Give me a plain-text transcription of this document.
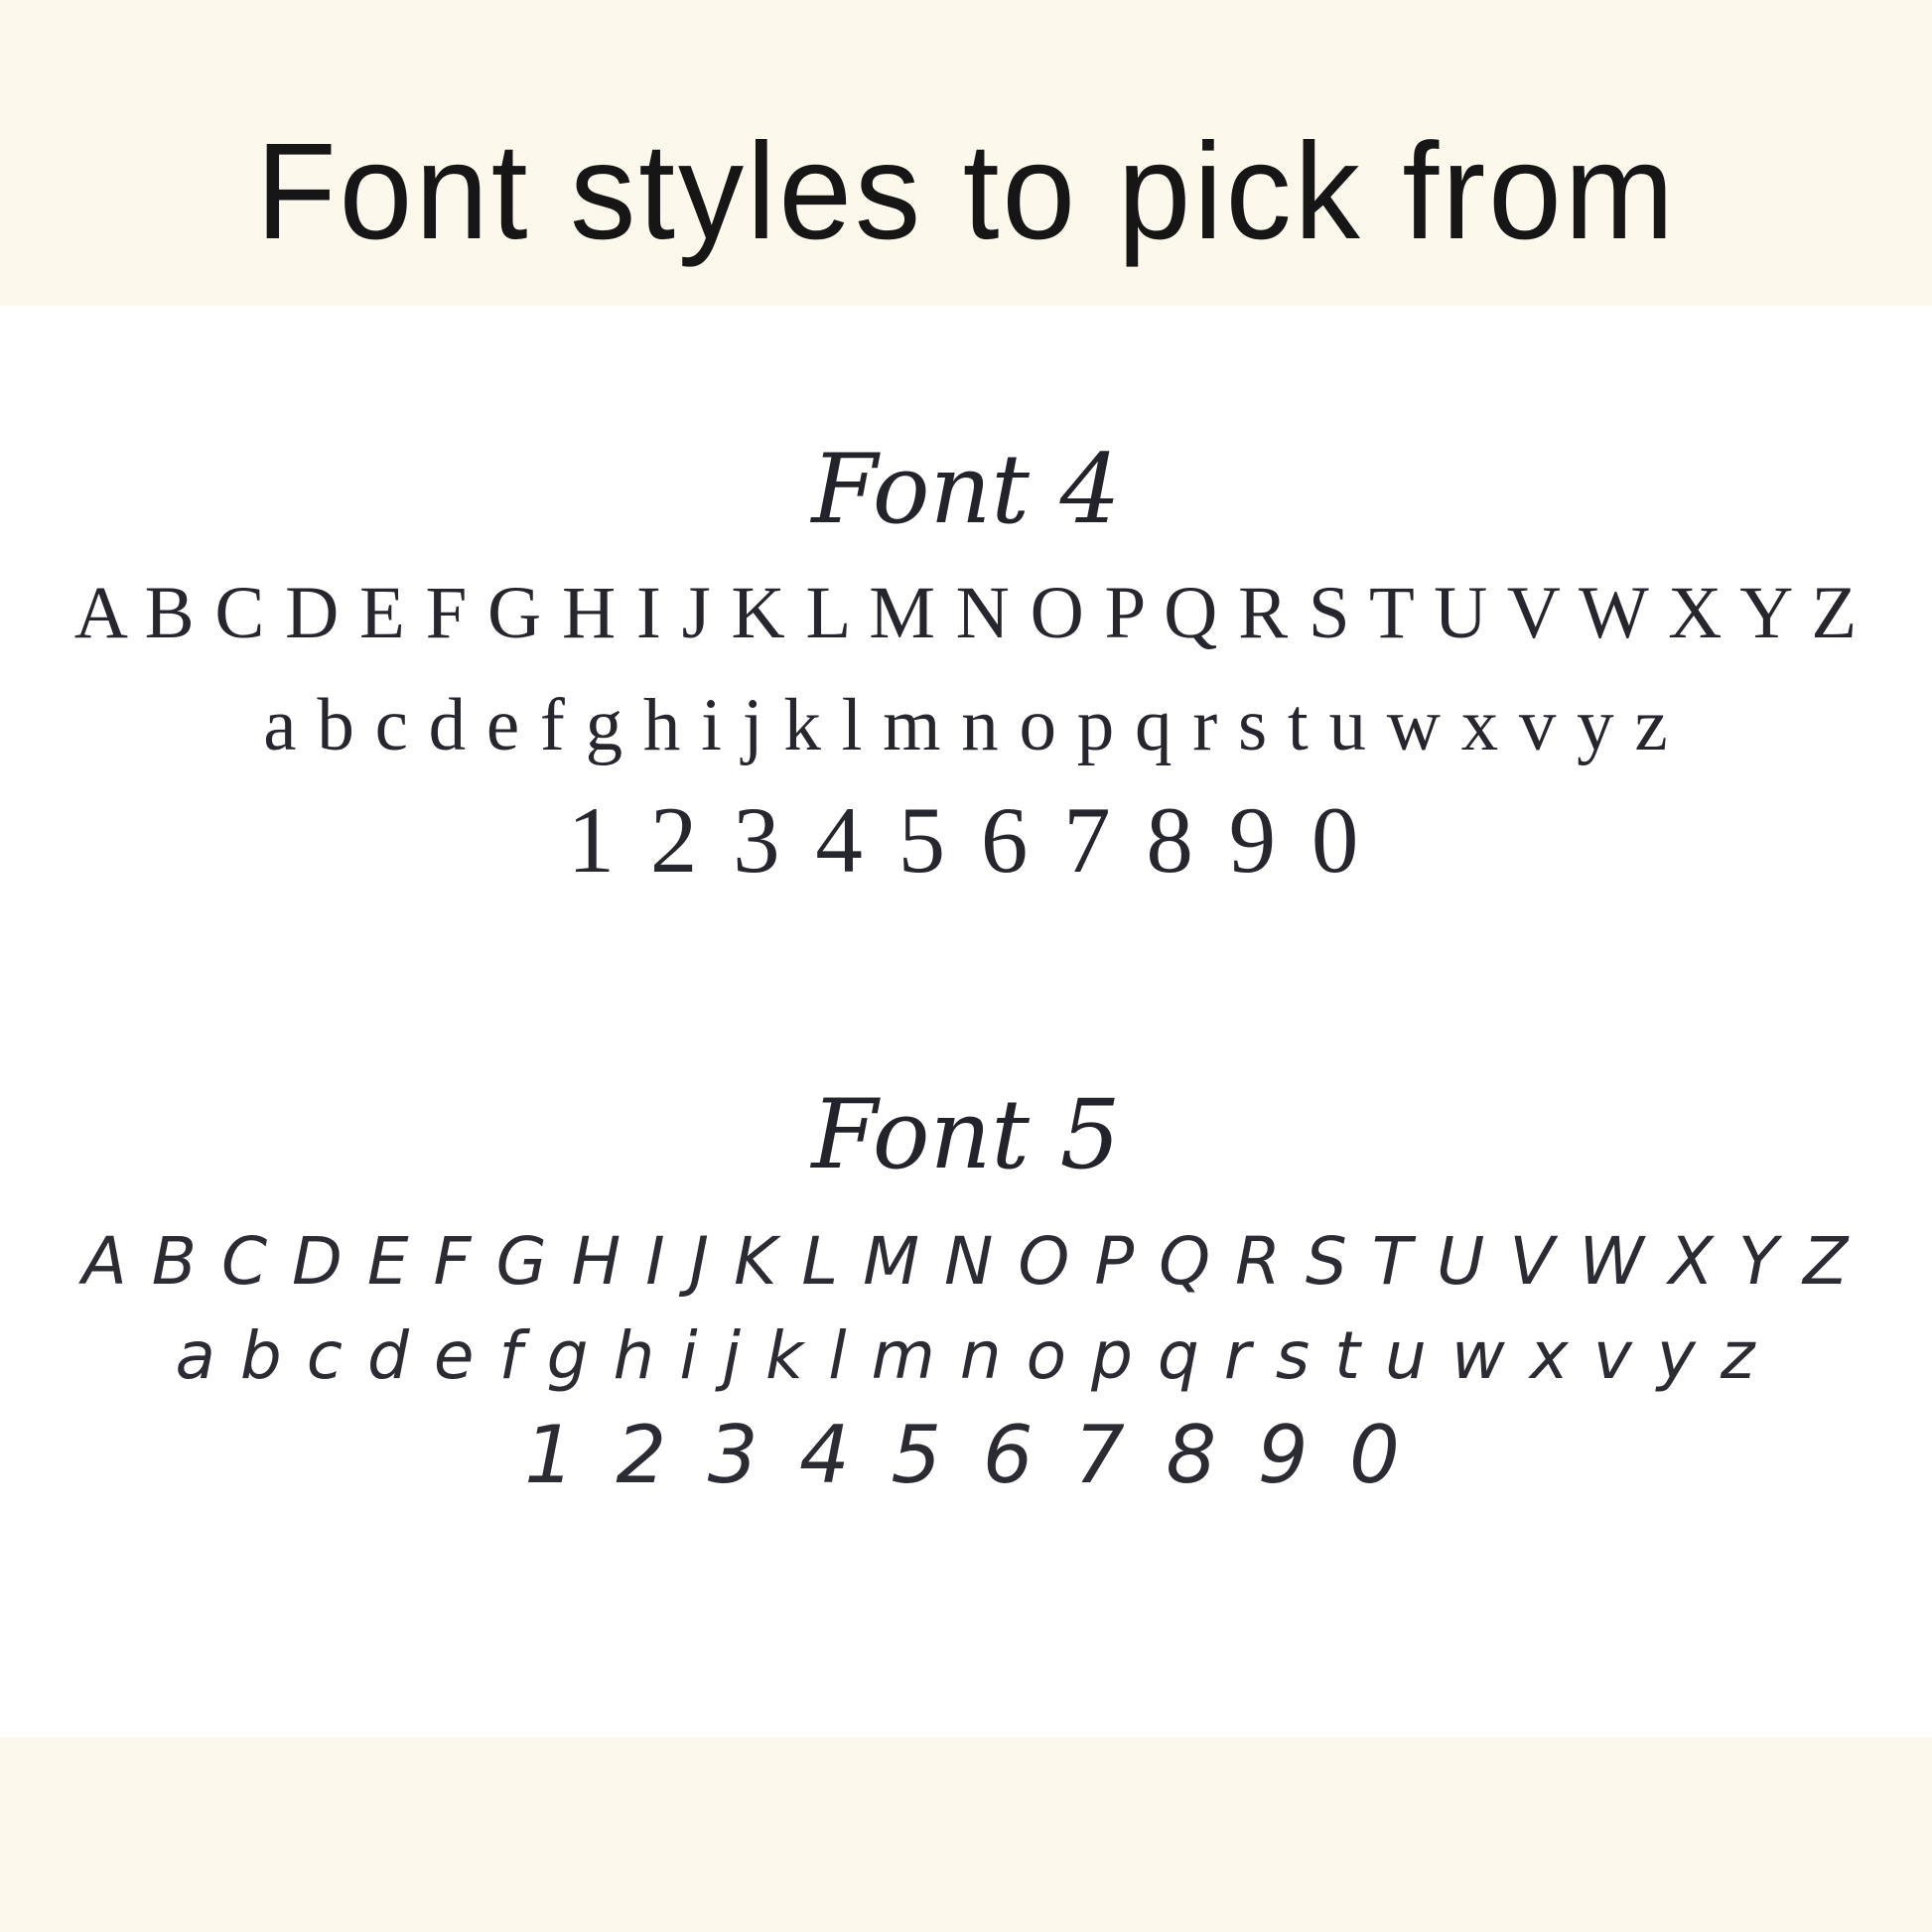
Font styles to pick from
Font 4
A B C D E F G H I J K L M N O P Q R S T U V W X Y Z
a b c d e f g h i j k l m n o p q r s t u w x v y z
1 2 3 4 5 6 7 8 9 0
Font 5
A B C D E F G H I J K L M N O P Q R S T U V W X Y Z
a b c d e f g h i j k l m n o p q r s t u w x v y z
1 2 3 4 5 6 7 8 9 0
